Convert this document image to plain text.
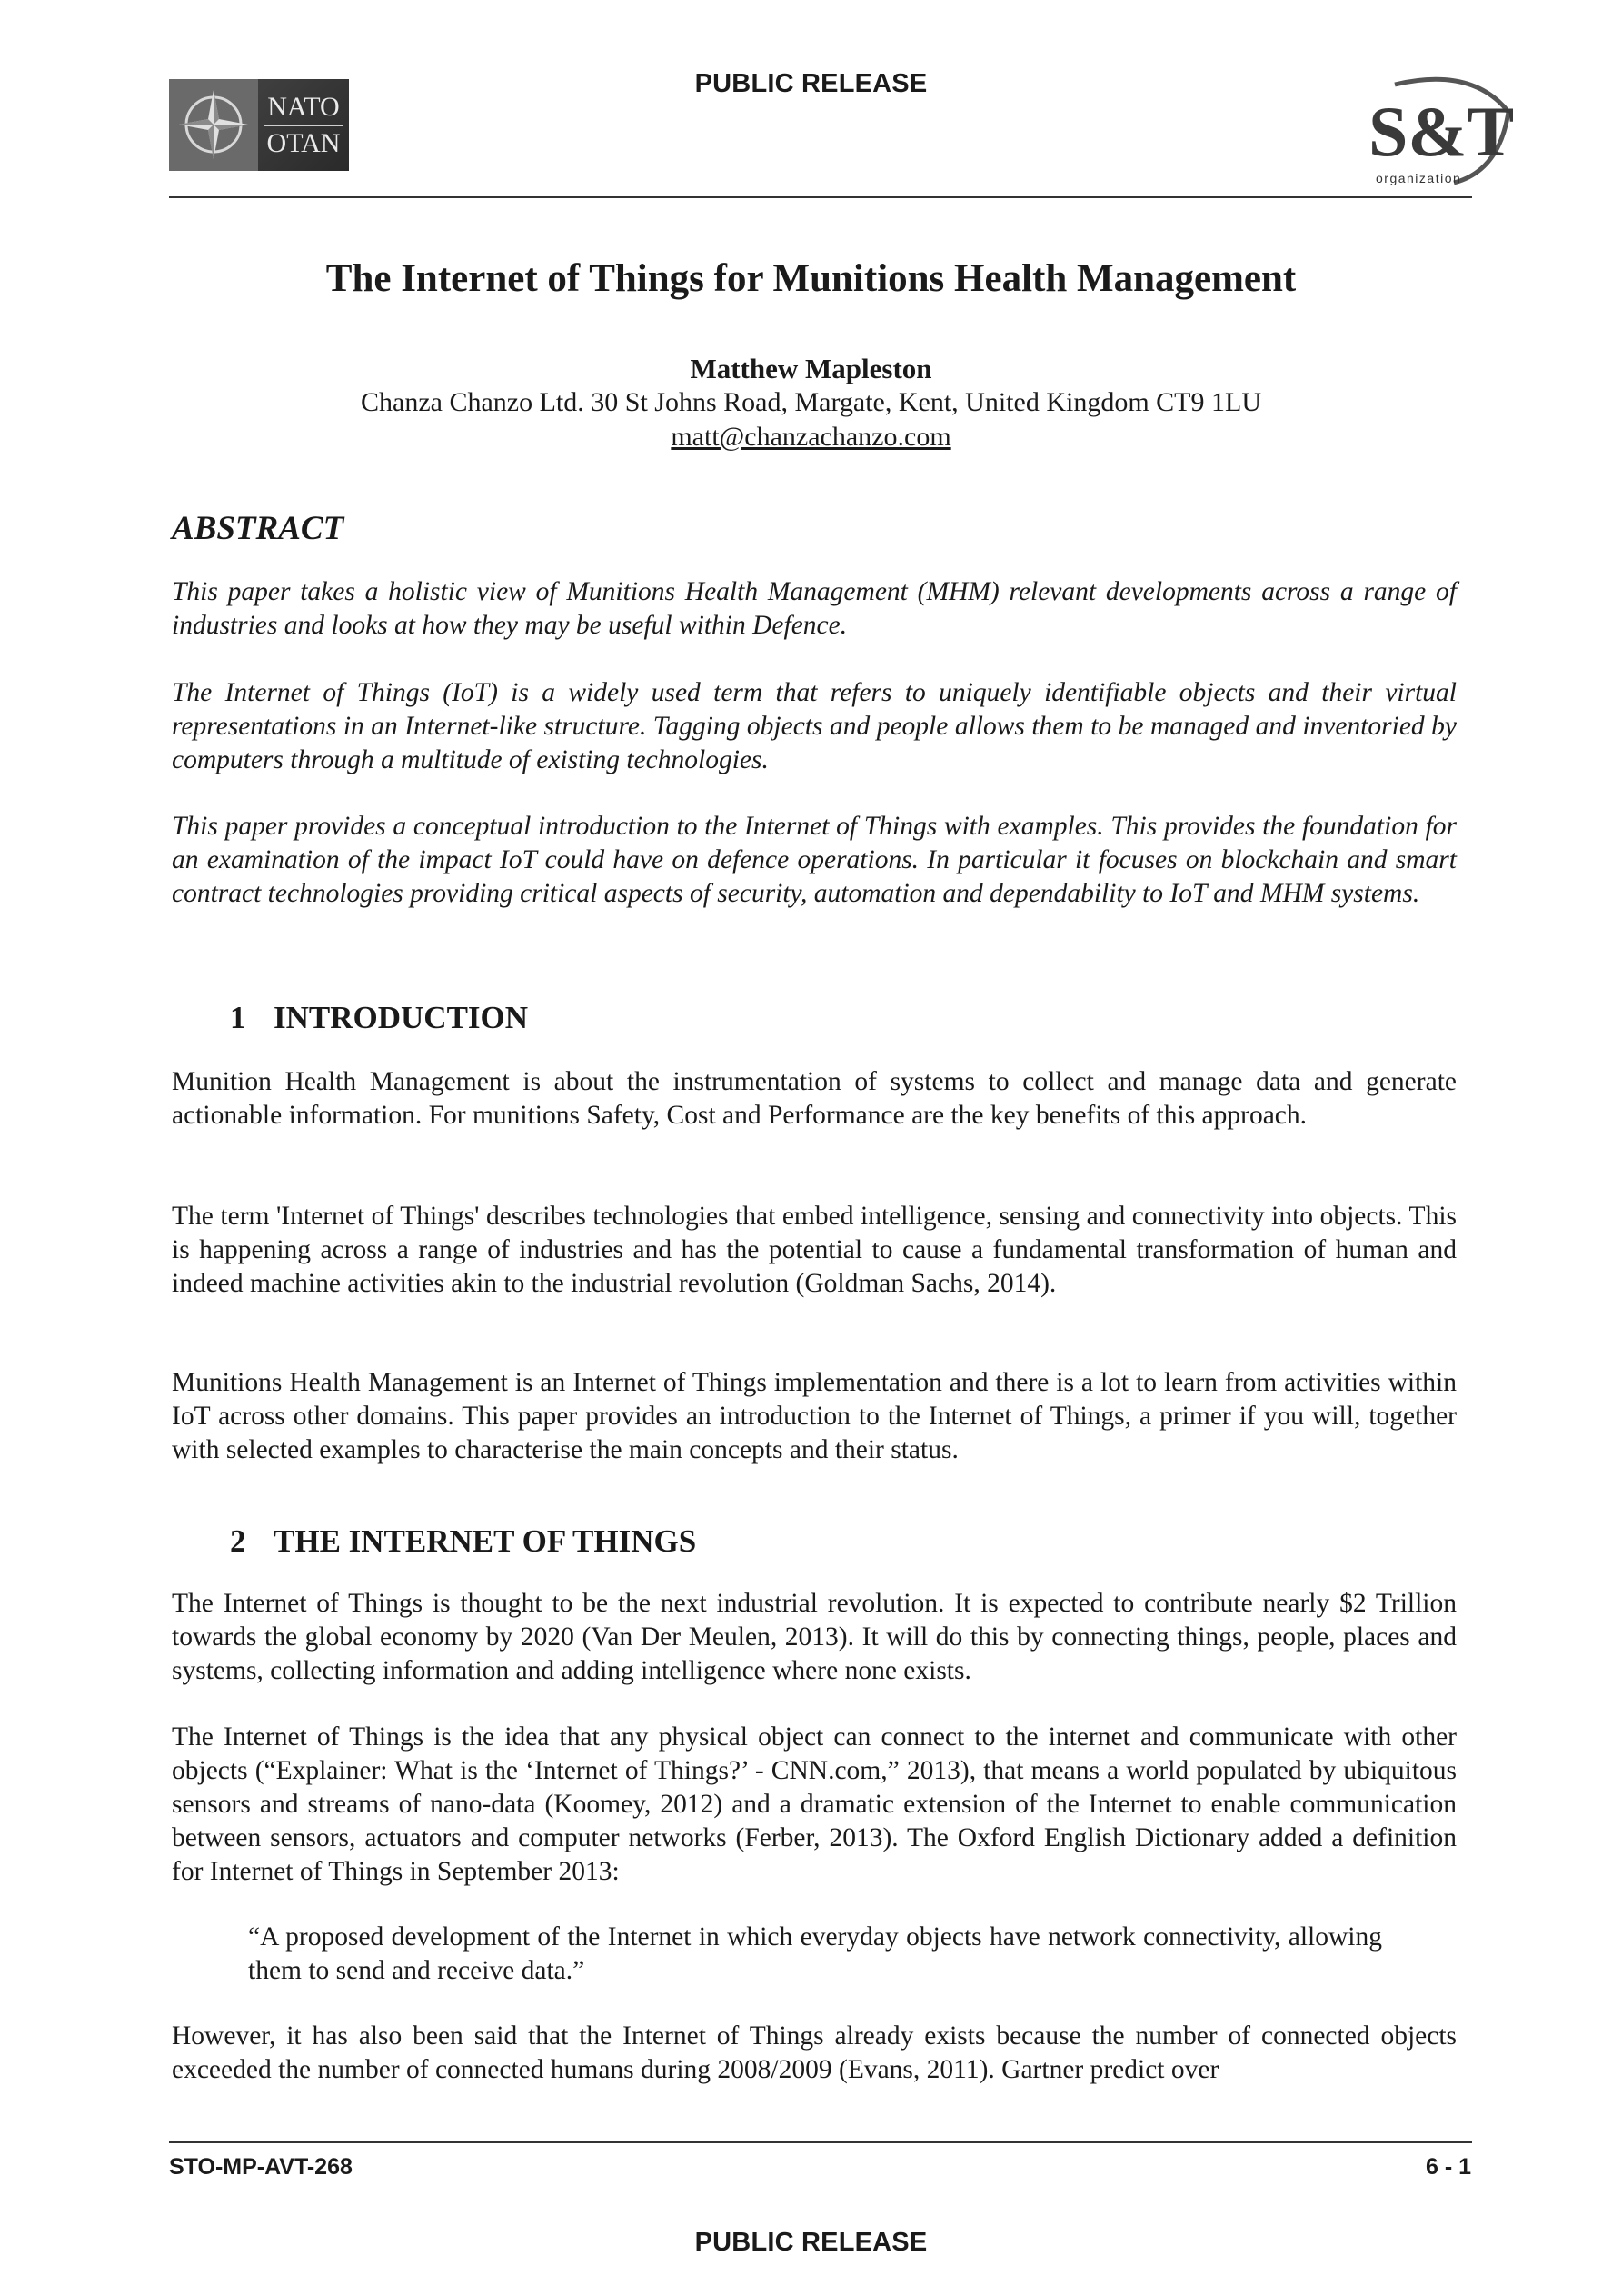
PUBLIC RELEASE
NATO
OTAN	S&T
organization
The Internet of Things for Munitions Health Management
Matthew Mapleston
Chanza Chanzo Ltd. 30 St Johns Road, Margate, Kent, United Kingdom CT9 1LU
matt@chanzachanzo.com
ABSTRACT
This paper takes a holistic view of Munitions Health Management (MHM) relevant developments across a range of industries and looks at how they may be useful within Defence.
The Internet of Things (IoT) is a widely used term that refers to uniquely identifiable objects and their virtual representations in an Internet-like structure. Tagging objects and people allows them to be managed and inventoried by computers through a multitude of existing technologies.
This paper provides a conceptual introduction to the Internet of Things with examples. This provides the foundation for an examination of the impact IoT could have on defence operations. In particular it focuses on blockchain and smart contract technologies providing critical aspects of security, automation and dependability to IoT and MHM systems.
1 INTRODUCTION
Munition Health Management is about the instrumentation of systems to collect and manage data and generate actionable information. For munitions Safety, Cost and Performance are the key benefits of this approach.
The term 'Internet of Things' describes technologies that embed intelligence, sensing and connectivity into objects. This is happening across a range of industries and has the potential to cause a fundamental transformation of human and indeed machine activities akin to the industrial revolution (Goldman Sachs, 2014).
Munitions Health Management is an Internet of Things implementation and there is a lot to learn from activities within IoT across other domains. This paper provides an introduction to the Internet of Things, a primer if you will, together with selected examples to characterise the main concepts and their status.
2 THE INTERNET OF THINGS
The Internet of Things is thought to be the next industrial revolution. It is expected to contribute nearly $2 Trillion towards the global economy by 2020 (Van Der Meulen, 2013). It will do this by connecting things, people, places and systems, collecting information and adding intelligence where none exists.
The Internet of Things is the idea that any physical object can connect to the internet and communicate with other objects (“Explainer: What is the ‘Internet of Things?’ - CNN.com,” 2013), that means a world populated by ubiquitous sensors and streams of nano-data (Koomey, 2012) and a dramatic extension of the Internet to enable communication between sensors, actuators and computer networks (Ferber, 2013). The Oxford English Dictionary added a definition for Internet of Things in September 2013:
“A proposed development of the Internet in which everyday objects have network connectivity, allowing them to send and receive data.”
However, it has also been said that the Internet of Things already exists because the number of connected objects exceeded the number of connected humans during 2008/2009 (Evans, 2011). Gartner predict over
STO-MP-AVT-268	6 - 1
PUBLIC RELEASE
